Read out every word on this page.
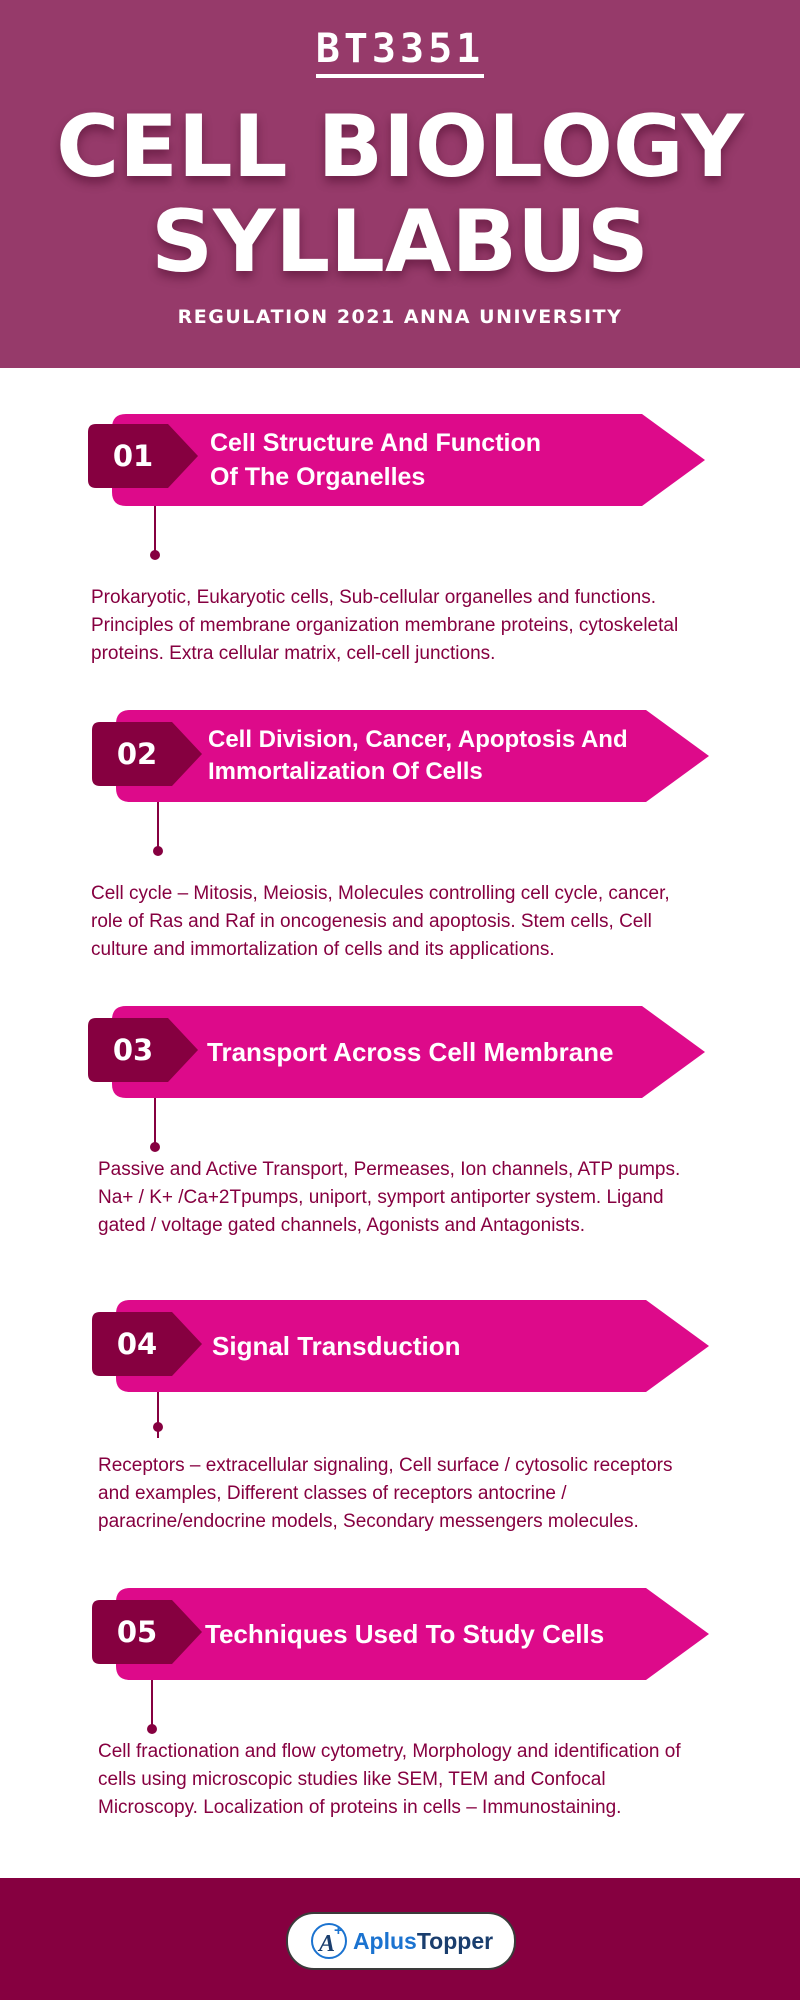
BT3351
CELL BIOLOGY
SYLLABUS
REGULATION 2021 ANNA UNIVERSITY
Cell Structure And Function
Of The Organelles
01
Prokaryotic, Eukaryotic cells, Sub-cellular organelles and functions. Principles of membrane organization membrane proteins, cytoskeletal proteins. Extra cellular matrix, cell-cell junctions.
Cell Division, Cancer, Apoptosis And
Immortalization Of Cells
02
Cell cycle – Mitosis, Meiosis, Molecules controlling cell cycle, cancer, role of Ras and Raf in oncogenesis and apoptosis. Stem cells, Cell culture and immortalization of cells and its applications.
Transport Across Cell Membrane
03
Passive and Active Transport, Permeases, Ion channels, ATP pumps. Na+ / K+ /Ca+2Tpumps, uniport, symport antiporter system. Ligand gated / voltage gated channels, Agonists and Antagonists.
Signal Transduction
04
Receptors – extracellular signaling, Cell surface / cytosolic receptors and examples, Different classes of receptors antocrine / paracrine/endocrine models, Secondary messengers molecules.
Techniques Used To Study Cells
05
Cell fractionation and flow cytometry, Morphology and identification of cells using microscopic studies like SEM, TEM and Confocal Microscopy. Localization of proteins in cells – Immunostaining.
A
+ Aplus Topper
